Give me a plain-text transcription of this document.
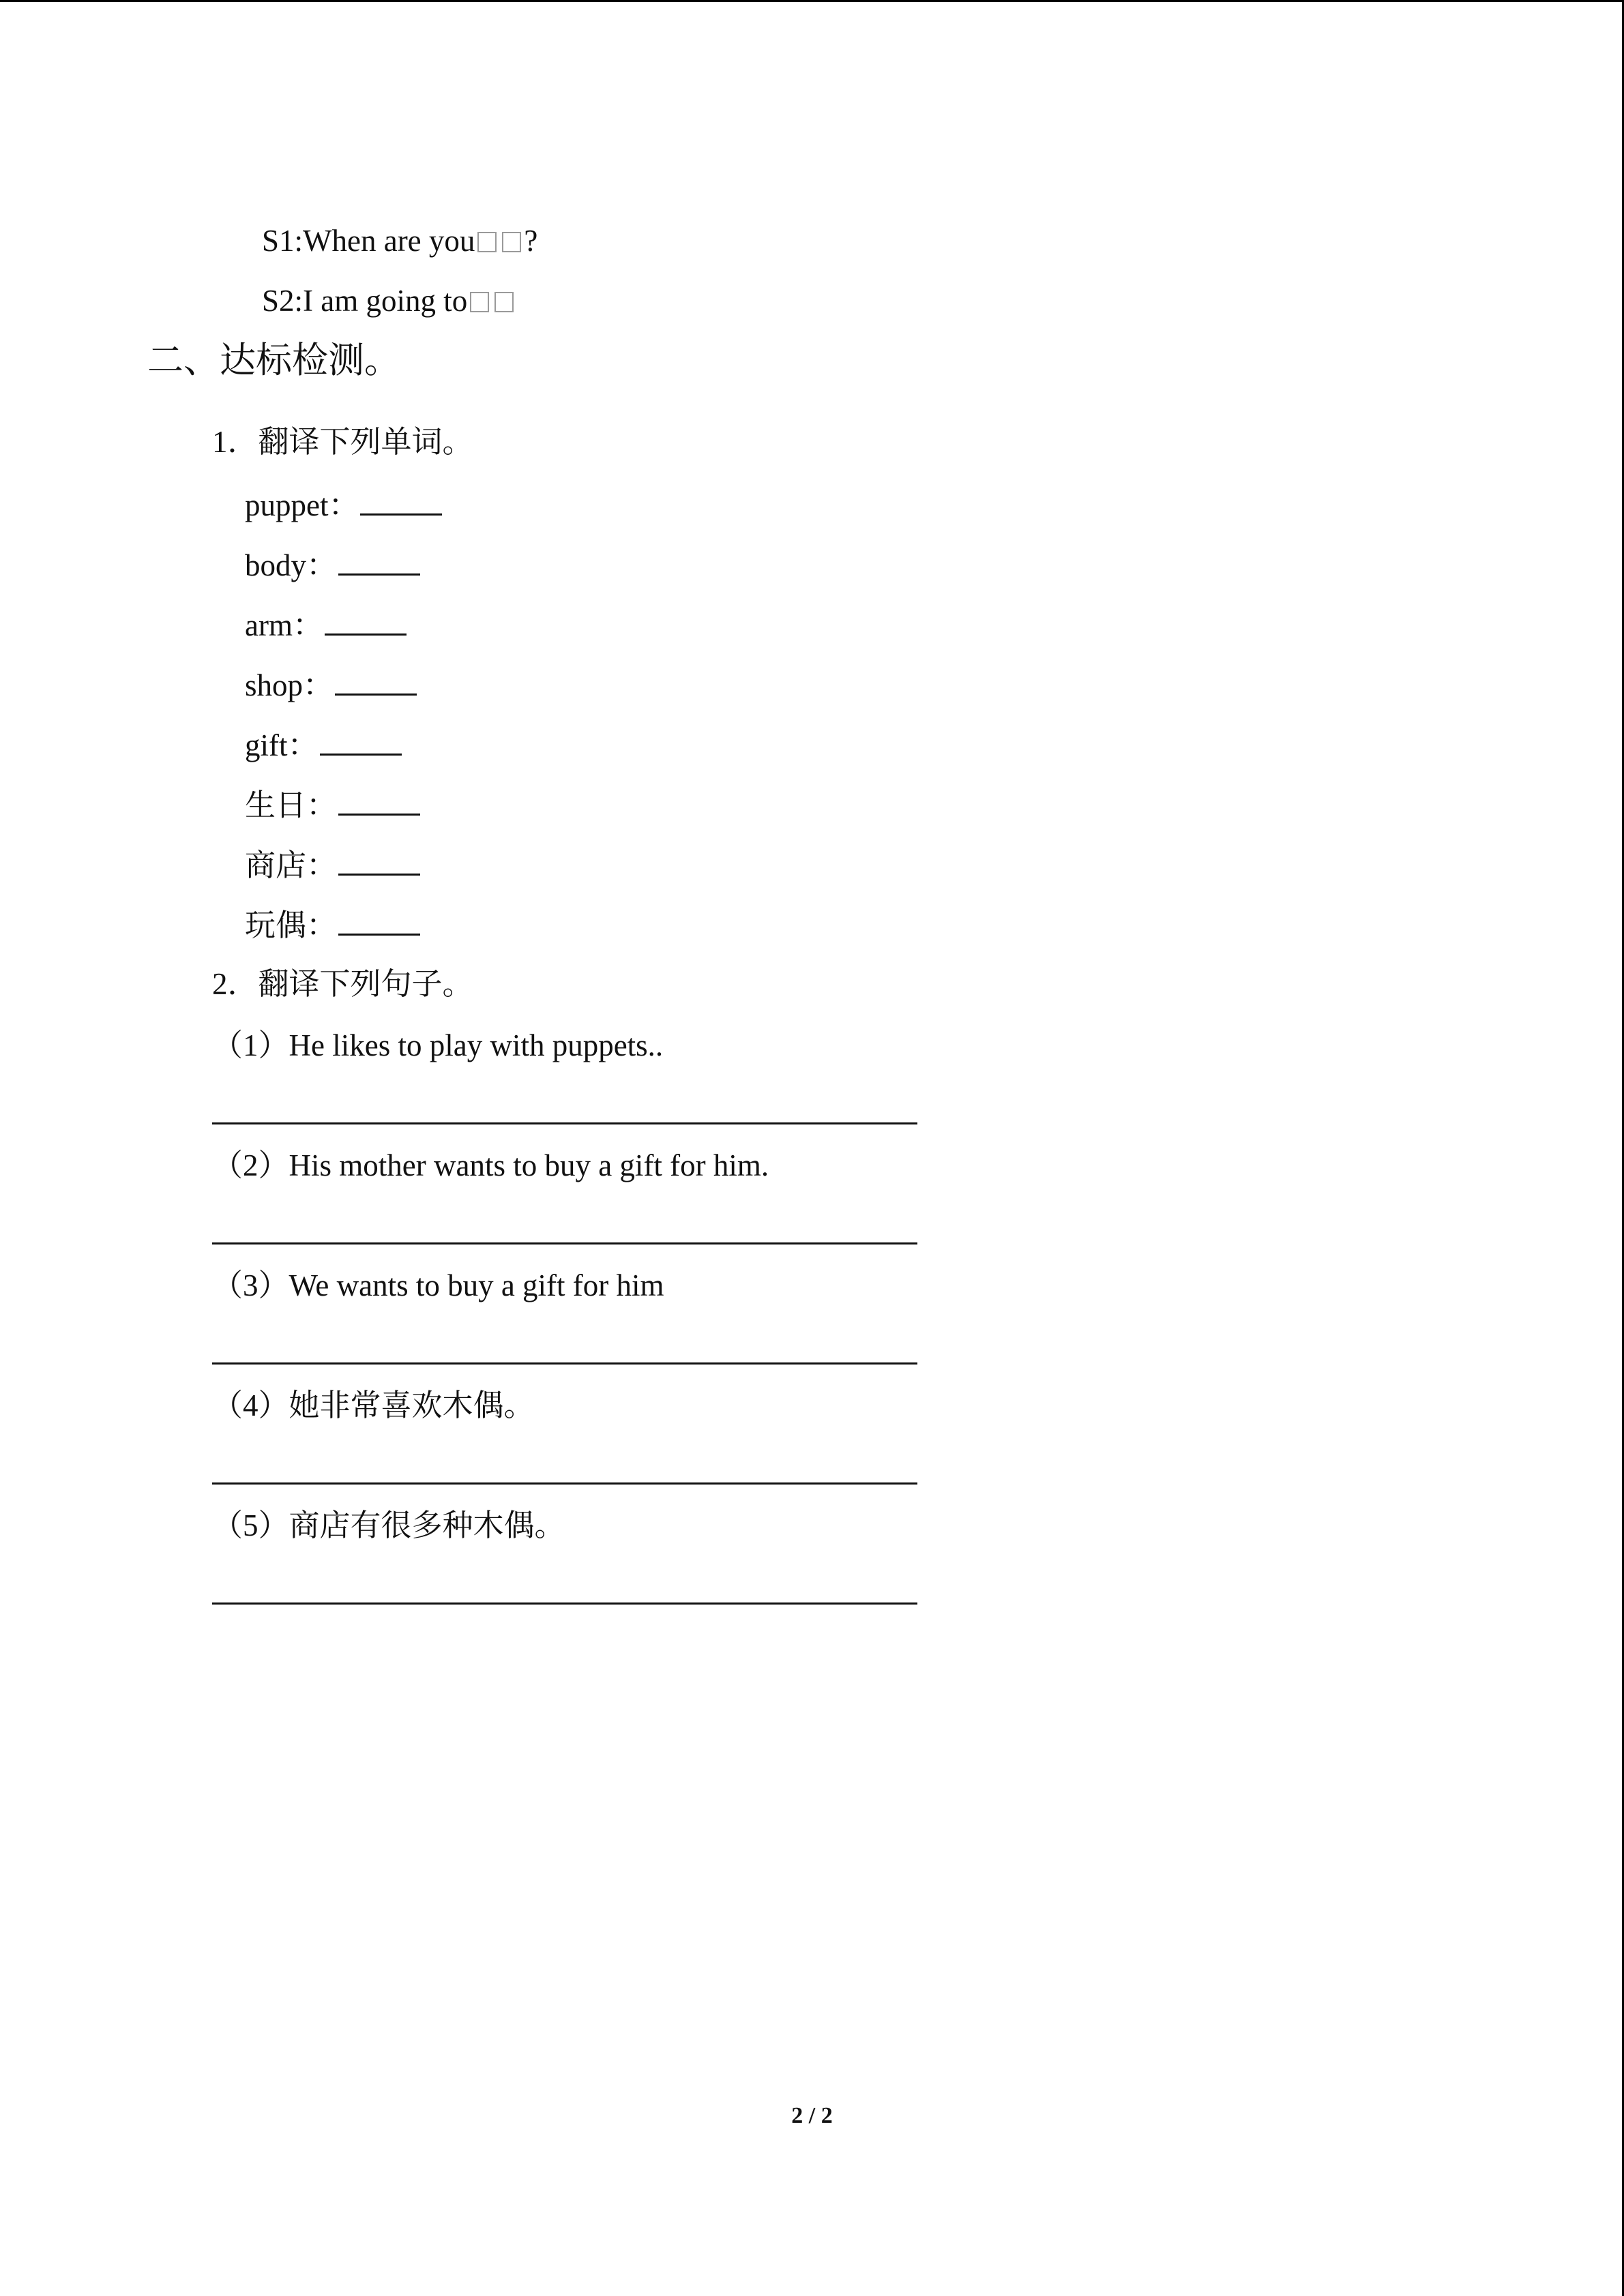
S1:When are you ?
S2:I am going to
二、达标检测。
1．翻译下列单词。
puppet：
body：
arm：
shop：
gift：
生日：
商店：
玩偶：
2．翻译下列句子。
（1）He likes to play with puppets..
（2）His mother wants to buy a gift for him.
（3）We wants to buy a gift for him
（4）她非常喜欢木偶。
（5）商店有很多种木偶。
2 / 2
